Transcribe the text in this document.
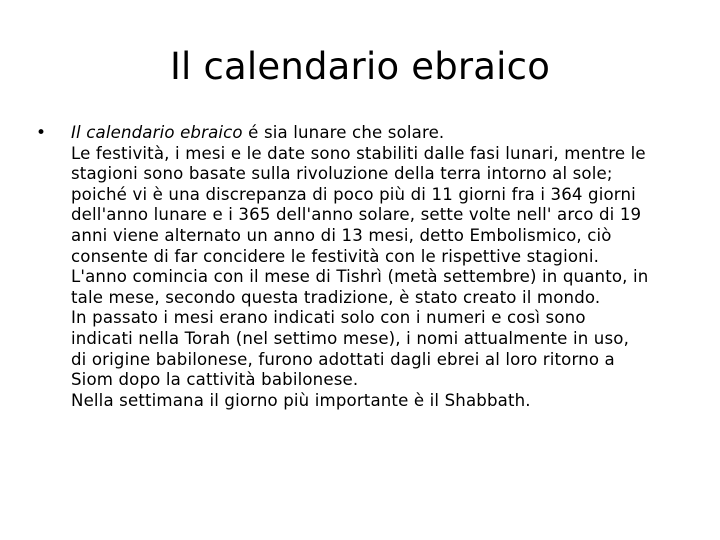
Il calendario ebraico
•	Il calendario ebraico é sia lunare che solare.
Le festività, i mesi e le date sono stabiliti dalle fasi lunari, mentre le
stagioni sono basate sulla rivoluzione della terra intorno al sole;
poiché vi è una discrepanza di poco più di 11 giorni fra i 364 giorni
dell'anno lunare e i 365 dell'anno solare, sette volte nell' arco di 19
anni viene alternato un anno di 13 mesi, detto Embolismico, ciò
consente di far concidere le festività con le rispettive stagioni.
L'anno comincia con il mese di Tishrì (metà settembre) in quanto, in
tale mese, secondo questa tradizione, è stato creato il mondo.
In passato i mesi erano indicati solo con i numeri e così sono
indicati nella Torah (nel settimo mese), i nomi attualmente in uso,
di origine babilonese, furono adottati dagli ebrei al loro ritorno a
Siom dopo la cattività babilonese.
Nella settimana il giorno più importante è il Shabbath.
